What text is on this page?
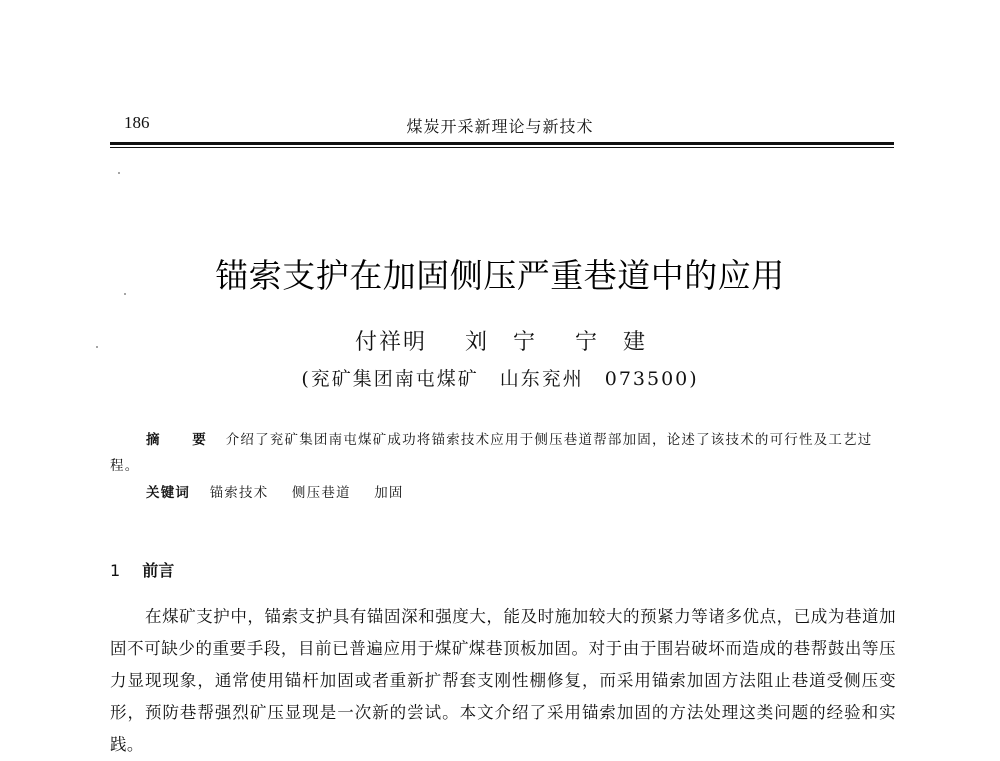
186	煤炭开采新理论与新技术
锚索支护在加固侧压严重巷道中的应用
付祥明 刘　宁 宁　建
(兖矿集团南屯煤矿　山东兖州　073500)
摘 要 介绍了兖矿集团南屯煤矿成功将锚索技术应用于侧压巷道帮部加固，论述了该技术的可行性及工艺过程。
关键词 锚索技术 侧压巷道 加固
1 前言

在煤矿支护中，锚索支护具有锚固深和强度大，能及时施加较大的预紧力等诸多优点，已成为巷道加固不可缺少的重要手段，目前已普遍应用于煤矿煤巷顶板加固。对于由于围岩破坏而造成的巷帮鼓出等压力显现现象，通常使用锚杆加固或者重新扩帮套支刚性棚修复，而采用锚索加固方法阻止巷道受侧压变形，预防巷帮强烈矿压显现是一次新的尝试。本文介绍了采用锚索加固的方法处理这类问题的经验和实践。
